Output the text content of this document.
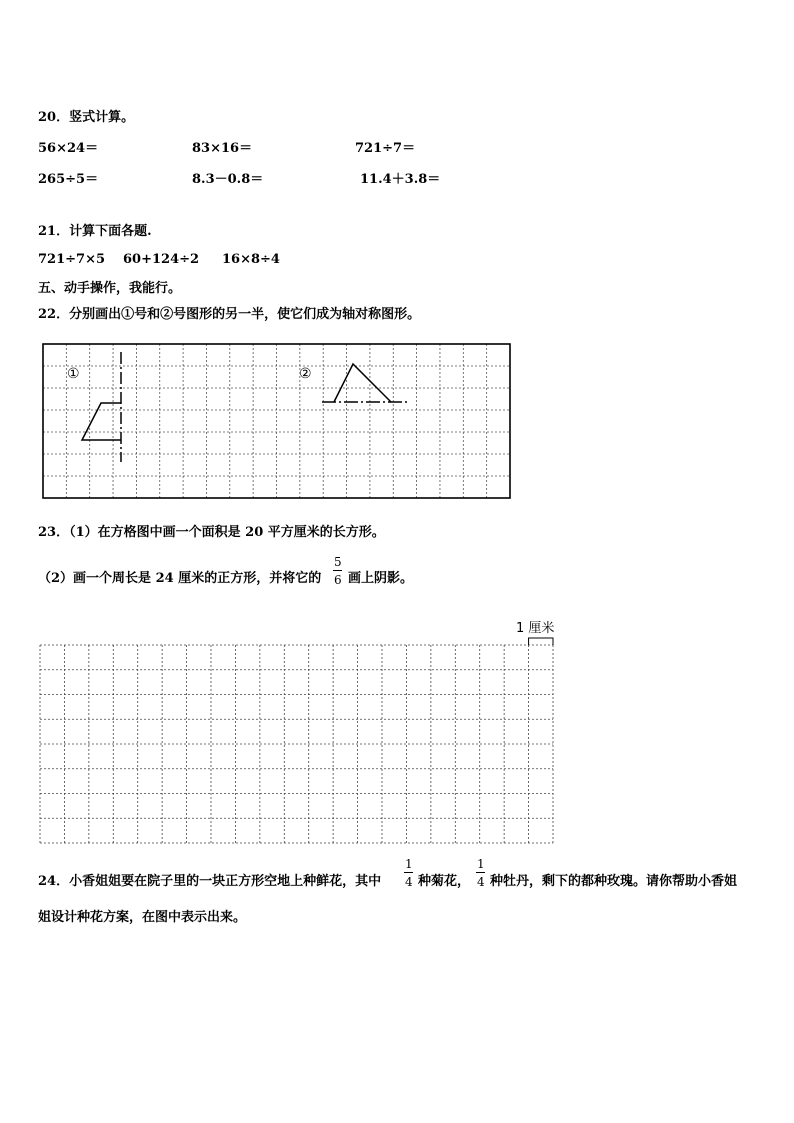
20．竖式计算。
56×24＝	83×16＝	721÷7＝
265÷5＝	8.3－0.8＝	11.4＋3.8＝
21．计算下面各题.
721÷7×5 60+124÷2 16×8÷4
五、动手操作，我能行。
22．分别画出①号和②号图形的另一半，使它们成为轴对称图形。
①	②
23．（1）在方格图中画一个面积是 20 平方厘米的长方形。
（2）画一个周长是 24 厘米的正方形，并将它的
5
6 画上阴影。
1 厘米
24．小香姐姐要在院子里的一块正方形空地上种鲜花，其中
1
4 种菊花，
1
4 种牡丹，剩下的都种玫瑰。请你帮助小香姐
姐设计种花方案，在图中表示出来。
